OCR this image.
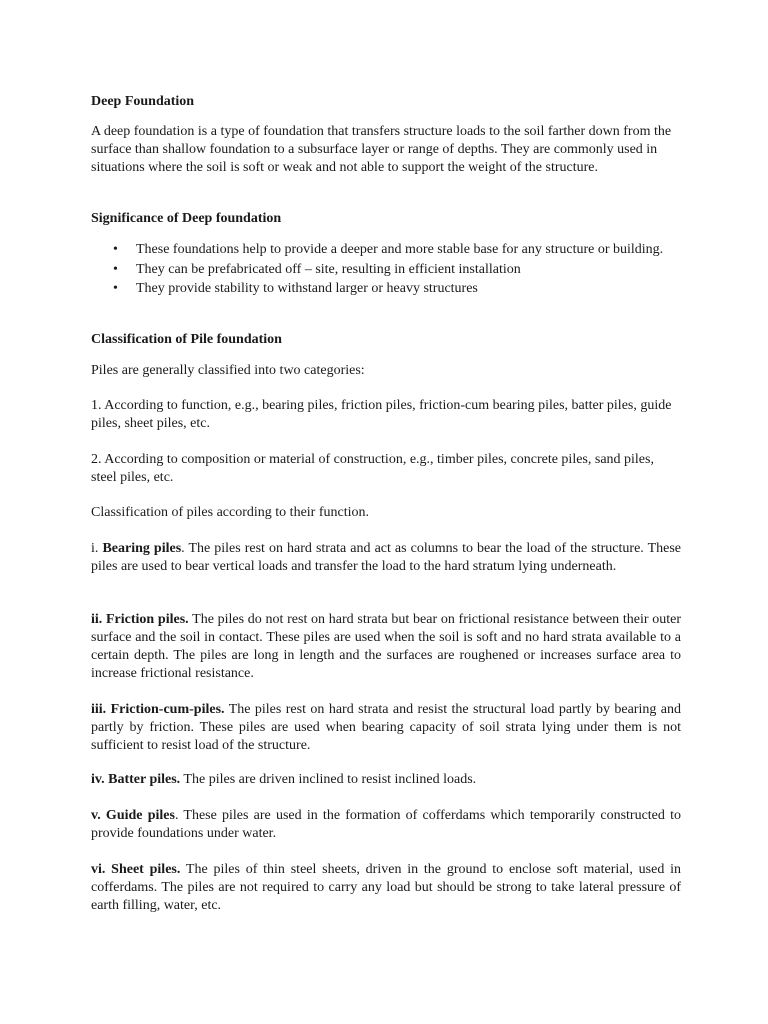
Deep Foundation

A deep foundation is a type of foundation that transfers structure loads to the soil farther down from the surface than shallow foundation to a subsurface layer or range of depths. They are commonly used in situations where the soil is soft or weak and not able to support the weight of the structure.

Significance of Deep foundation
• These foundations help to provide a deeper and more stable base for any structure or building.
• They can be prefabricated off – site, resulting in efficient installation
• They provide stability to withstand larger or heavy structures
Classification of Pile foundation

Piles are generally classified into two categories:

1. According to function, e.g., bearing piles, friction piles, friction-cum bearing piles, batter piles, guide piles, sheet piles, etc.

2. According to composition or material of construction, e.g., timber piles, concrete piles, sand piles, steel piles, etc.

Classification of piles according to their function.

i. Bearing piles. The piles rest on hard strata and act as columns to bear the load of the structure. These piles are used to bear vertical loads and transfer the load to the hard stratum lying underneath.

ii. Friction piles. The piles do not rest on hard strata but bear on frictional resistance between their outer surface and the soil in contact. These piles are used when the soil is soft and no hard strata available to a certain depth. The piles are long in length and the surfaces are roughened or increases surface area to increase frictional resistance.

iii. Friction-cum-piles. The piles rest on hard strata and resist the structural load partly by bearing and partly by friction. These piles are used when bearing capacity of soil strata lying under them is not sufficient to resist load of the structure.

iv. Batter piles. The piles are driven inclined to resist inclined loads.

v. Guide piles. These piles are used in the formation of cofferdams which temporarily constructed to provide foundations under water.

vi. Sheet piles. The piles of thin steel sheets, driven in the ground to enclose soft material, used in cofferdams. The piles are not required to carry any load but should be strong to take lateral pressure of earth filling, water, etc.
